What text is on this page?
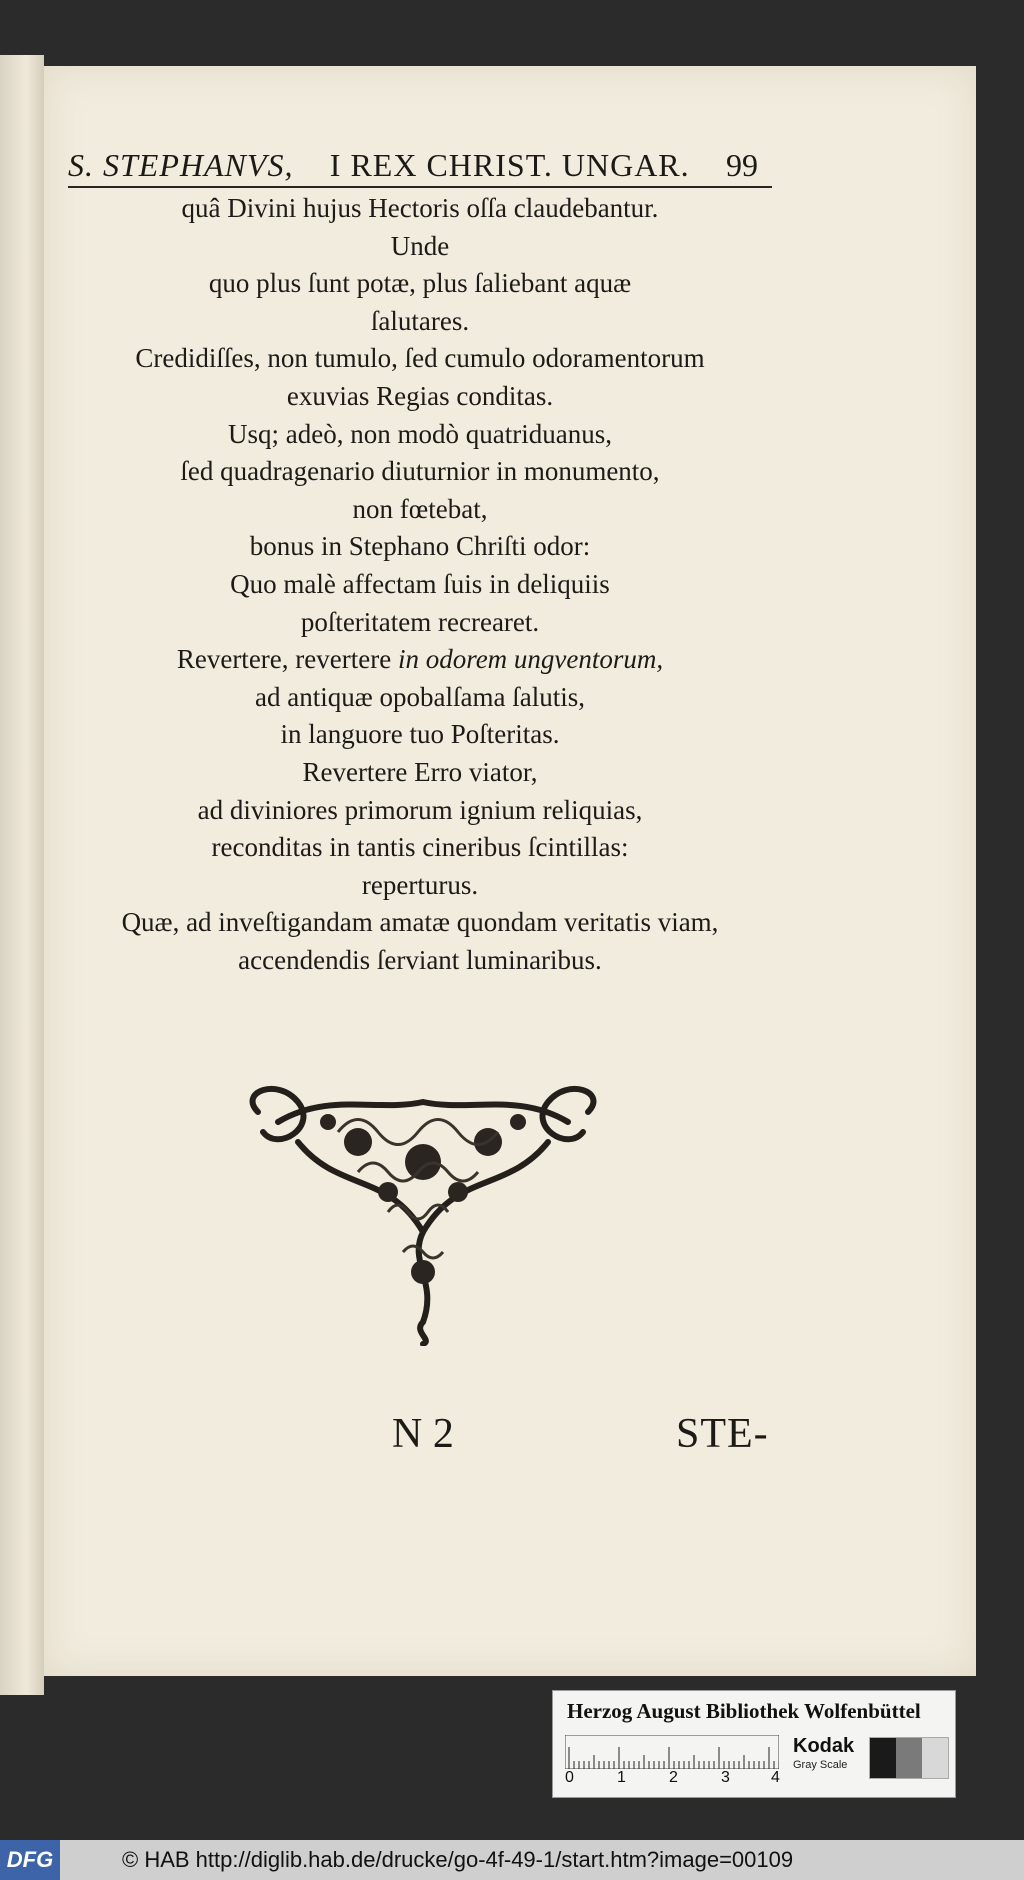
S. STEPHANVS, I REX CHRIST. UNGAR. 99
quâ Divini hujus Hectoris oſſa claudebantur.
Unde
quo plus ſunt potæ, plus ſaliebant aquæ
ſalutares.
Credidiſſes, non tumulo, ſed cumulo odoramentorum
exuvias Regias conditas.
Usq; adeò, non modò quatriduanus,
ſed quadragenario diuturnior in monumento,
non fœtebat,
bonus in Stephano Chriſti odor:
Quo malè affectam ſuis in deliquiis
poſteritatem recrearet.
Revertere, revertere in odorem ungventorum,
ad antiquæ opobalſama ſalutis,
in languore tuo Poſteritas.
Revertere Erro viator,
ad diviniores primorum ignium reliquias,
reconditas in tantis cineribus ſcintillas:
reperturus.
Quæ, ad inveſtigandam amatæ quondam veritatis viam,
accendendis ſerviant luminaribus.
N 2	STE-
Herzog August Bibliothek Wolfenbüttel
0	1	2	3	4
Kodak
Gray Scale
DFG	© HAB http://diglib.hab.de/drucke/go-4f-49-1/start.htm?image=00109
